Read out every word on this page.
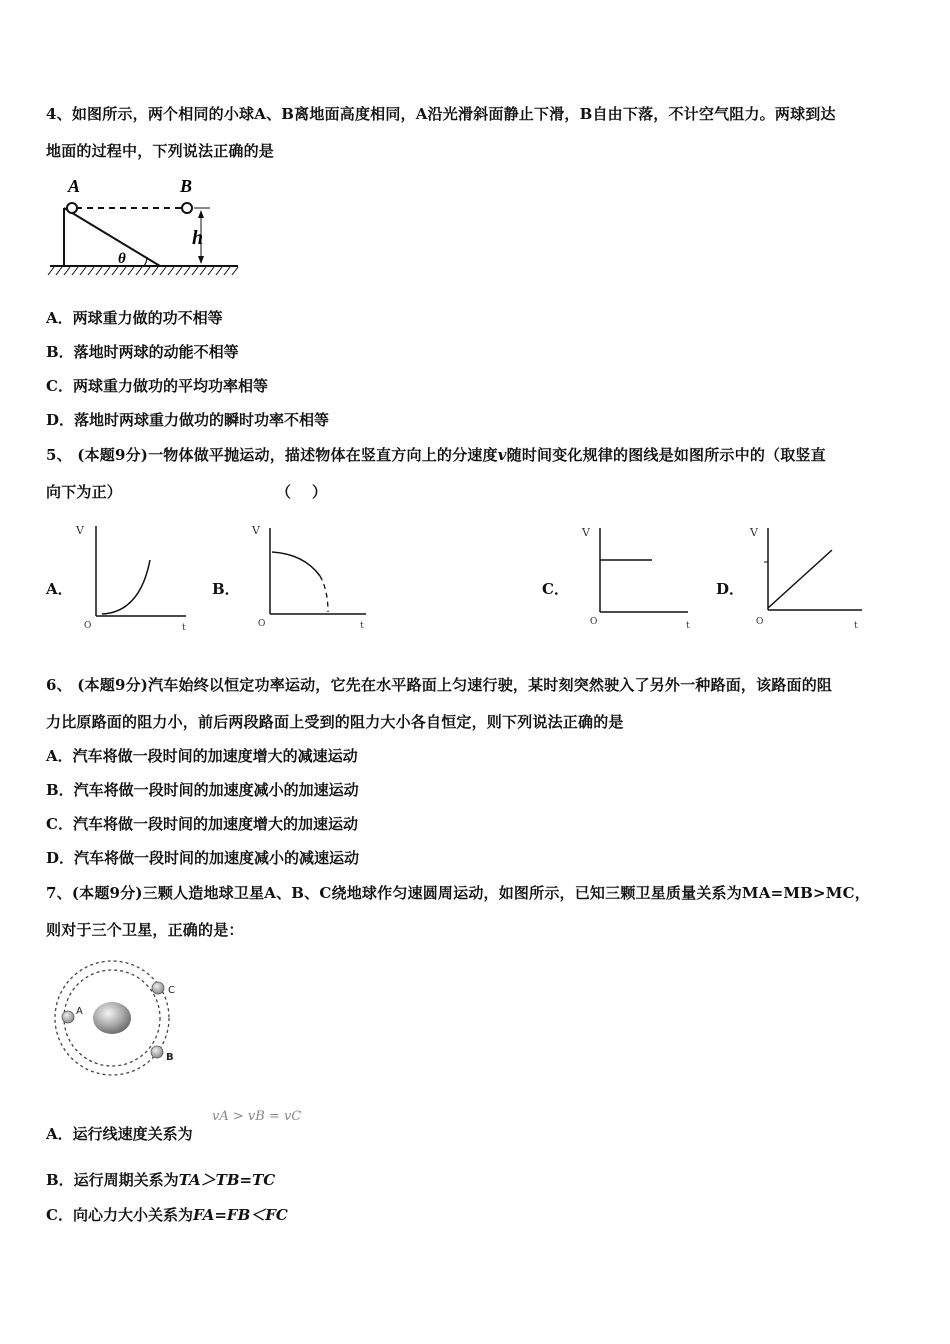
4、如图所示，两个相同的小球A、B离地面高度相同，A沿光滑斜面静止下滑，B自由下落，不计空气阻力。两球到达
地面的过程中，下列说法正确的是
A	B
h
θ
A．两球重力做的功不相等
B．落地时两球的动能不相等
C．两球重力做功的平均功率相等
D．落地时两球重力做功的瞬时功率不相等
5、 (本题9分)一物体做平抛运动，描述物体在竖直方向上的分速度v随时间变化规律的图线是如图所示中的（取竖直
向下为正）	（　 ）
A．
V
O	t
B．
V
O	t
C．
V
O	t
D．
V
O	t
6、 (本题9分)汽车始终以恒定功率运动，它先在水平路面上匀速行驶，某时刻突然驶入了另外一种路面，该路面的阻
力比原路面的阻力小，前后两段路面上受到的阻力大小各自恒定，则下列说法正确的是
A．汽车将做一段时间的加速度增大的减速运动
B．汽车将做一段时间的加速度减小的加速运动
C．汽车将做一段时间的加速度增大的加速运动
D．汽车将做一段时间的加速度减小的减速运动
7、(本题9分)三颗人造地球卫星A、B、C绕地球作匀速圆周运动，如图所示，已知三颗卫星质量关系为MA=MB>MC，
则对于三个卫星，正确的是：
A
C
B
A．运行线速度关系为
vA > vB = vC
B．运行周期关系为TA＞TB=TC
C．向心力大小关系为FA=FB＜FC
